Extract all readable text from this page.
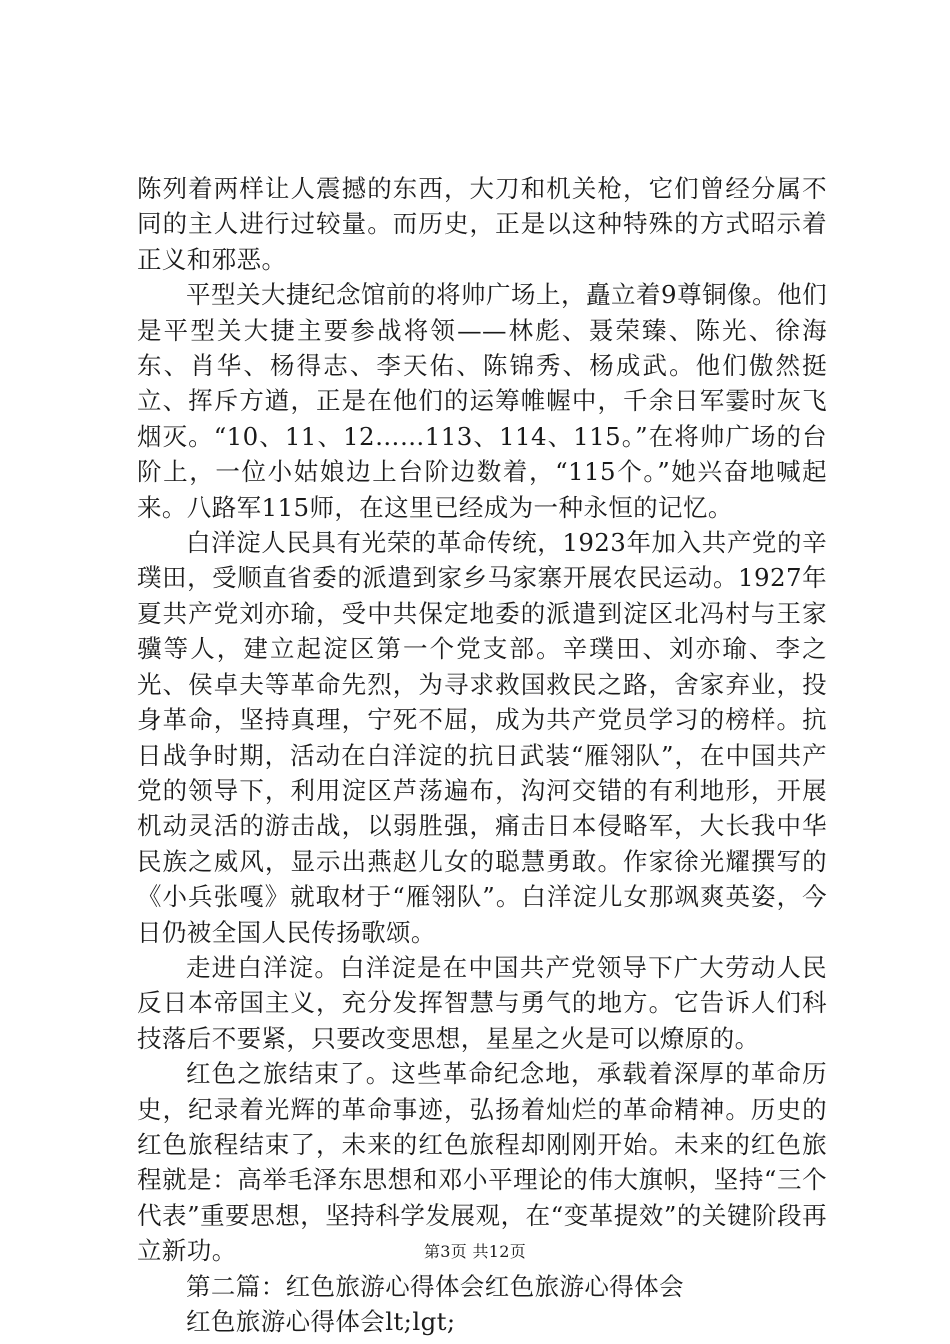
陈列着两样让人震撼的东西，大刀和机关枪，它们曾经分属不同的主人进行过较量。而历史，正是以这种特殊的方式昭示着正义和邪恶。

平型关大捷纪念馆前的将帅广场上，矗立着9尊铜像。他们是平型关大捷主要参战将领——林彪、聂荣臻、陈光、徐海东、肖华、杨得志、李天佑、陈锦秀、杨成武。他们傲然挺立、挥斥方遒，正是在他们的运筹帷幄中，千余日军霎时灰飞烟灭。“10、11、12……113、114、115。”在将帅广场的台阶上，一位小姑娘边上台阶边数着，“115个。”她兴奋地喊起来。八路军115师，在这里已经成为一种永恒的记忆。

白洋淀人民具有光荣的革命传统，1923年加入共产党的辛璞田，受顺直省委的派遣到家乡马家寨开展农民运动。1927年夏共产党刘亦瑜，受中共保定地委的派遣到淀区北冯村与王家骥等人，建立起淀区第一个党支部。辛璞田、刘亦瑜、李之光、侯卓夫等革命先烈，为寻求救国救民之路，舍家弃业，投身革命，坚持真理，宁死不屈，成为共产党员学习的榜样。抗日战争时期，活动在白洋淀的抗日武装“雁翎队”，在中国共产党的领导下，利用淀区芦荡遍布，沟河交错的有利地形，开展机动灵活的游击战，以弱胜强，痛击日本侵略军，大长我中华民族之威风，显示出燕赵儿女的聪慧勇敢。作家徐光耀撰写的《小兵张嘎》就取材于“雁翎队”。白洋淀儿女那飒爽英姿，今日仍被全国人民传扬歌颂。

走进白洋淀。白洋淀是在中国共产党领导下广大劳动人民反日本帝国主义，充分发挥智慧与勇气的地方。它告诉人们科技落后不要紧，只要改变思想，星星之火是可以燎原的。

红色之旅结束了。这些革命纪念地，承载着深厚的革命历史，纪录着光辉的革命事迹，弘扬着灿烂的革命精神。历史的红色旅程结束了，未来的红色旅程却刚刚开始。未来的红色旅程就是：高举毛泽东思想和邓小平理论的伟大旗帜，坚持“三个代表”重要思想，坚持科学发展观，在“变革提效”的关键阶段再立新功。

第二篇：红色旅游心得体会红色旅游心得体会

红色旅游心得体会lt;lgt;

第3页 共12页
